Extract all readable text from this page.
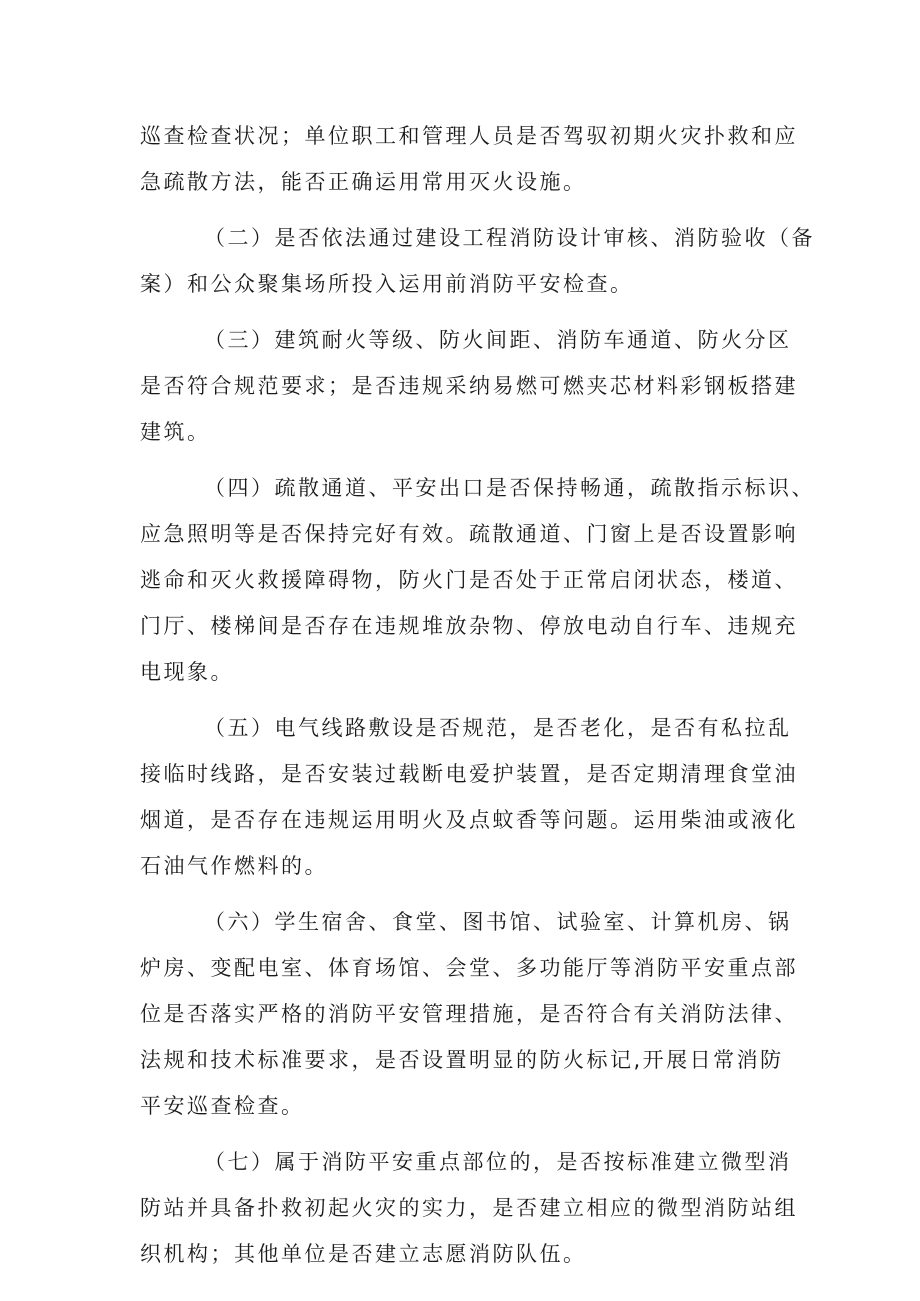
巡查检查状况；单位职工和管理人员是否驾驭初期火灾扑救和应
急疏散方法，能否正确运用常用灭火设施。
（二）是否依法通过建设工程消防设计审核、消防验收（备
案）和公众聚集场所投入运用前消防平安检查。
（三）建筑耐火等级、防火间距、消防车通道、防火分区
是否符合规范要求；是否违规采纳易燃可燃夹芯材料彩钢板搭建
建筑。
（四）疏散通道、平安出口是否保持畅通，疏散指示标识、
应急照明等是否保持完好有效。疏散通道、门窗上是否设置影响
逃命和灭火救援障碍物，防火门是否处于正常启闭状态，楼道、
门厅、楼梯间是否存在违规堆放杂物、停放电动自行车、违规充
电现象。
（五）电气线路敷设是否规范，是否老化，是否有私拉乱
接临时线路，是否安装过载断电爱护装置，是否定期清理食堂油
烟道，是否存在违规运用明火及点蚊香等问题。运用柴油或液化
石油气作燃料的。
（六）学生宿舍、食堂、图书馆、试验室、计算机房、锅
炉房、变配电室、体育场馆、会堂、多功能厅等消防平安重点部
位是否落实严格的消防平安管理措施，是否符合有关消防法律、
法规和技术标准要求，是否设置明显的防火标记,开展日常消防
平安巡查检查。
（七）属于消防平安重点部位的，是否按标准建立微型消
防站并具备扑救初起火灾的实力，是否建立相应的微型消防站组
织机构；其他单位是否建立志愿消防队伍。
